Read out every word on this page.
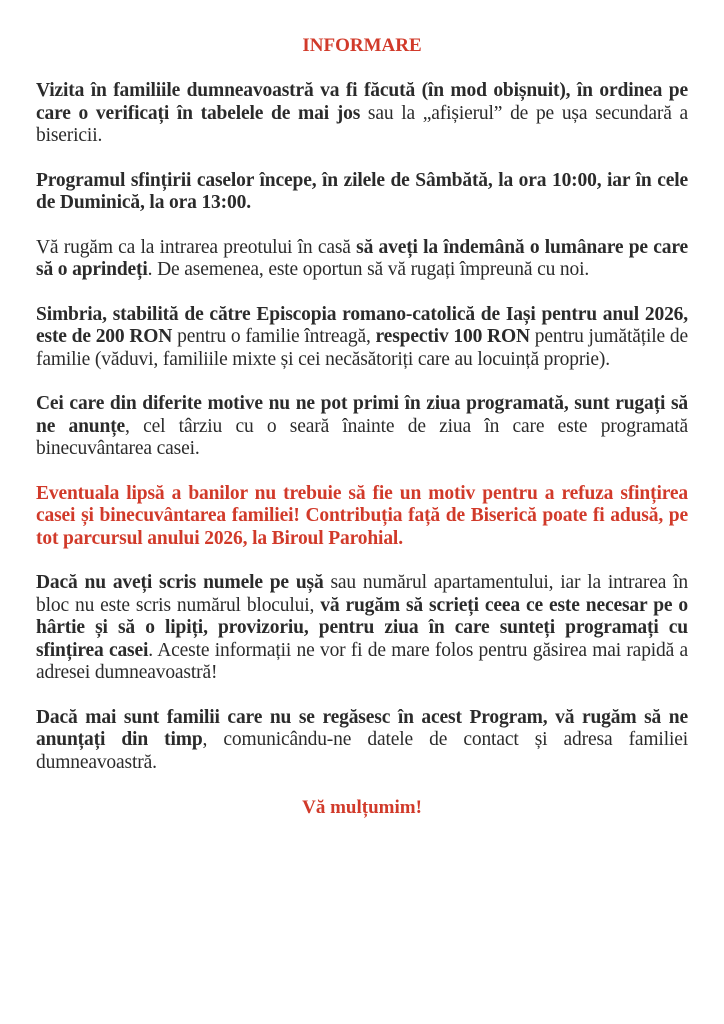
INFORMARE

Vizita în familiile dumneavoastră va fi făcută (în mod obișnuit), în ordinea pe care o verificați în tabelele de mai jos sau la „afișierul” de pe ușa secundară a bisericii.

Programul sfințirii caselor începe, în zilele de Sâmbătă, la ora 10:00, iar în cele de Duminică, la ora 13:00.

Vă rugăm ca la intrarea preotului în casă să aveți la îndemână o lumânare pe care să o aprindeți. De asemenea, este oportun să vă rugați împreună cu noi.

Simbria, stabilită de către Episcopia romano-catolică de Iași pentru anul 2026, este de 200 RON pentru o familie întreagă, respectiv 100 RON pentru jumătățile de familie (văduvi, familiile mixte și cei necăsătoriți care au locuință proprie).

Cei care din diferite motive nu ne pot primi în ziua programată, sunt rugați să ne anunțe, cel târziu cu o seară înainte de ziua în care este programată binecuvântarea casei.

Eventuala lipsă a banilor nu trebuie să fie un motiv pentru a refuza sfințirea casei și binecuvântarea familiei! Contribuția față de Biserică poate fi adusă, pe tot parcursul anului 2026, la Biroul Parohial.

Dacă nu aveți scris numele pe ușă sau numărul apartamentului, iar la intrarea în bloc nu este scris numărul blocului, vă rugăm să scrieți ceea ce este necesar pe o hârtie și să o lipiți, provizoriu, pentru ziua în care sunteți programați cu sfințirea casei. Aceste informații ne vor fi de mare folos pentru găsirea mai rapidă a adresei dumneavoastră!

Dacă mai sunt familii care nu se regăsesc în acest Program, vă rugăm să ne anunțați din timp, comunicându-ne datele de contact și adresa familiei dumneavoastră.

Vă mulțumim!
